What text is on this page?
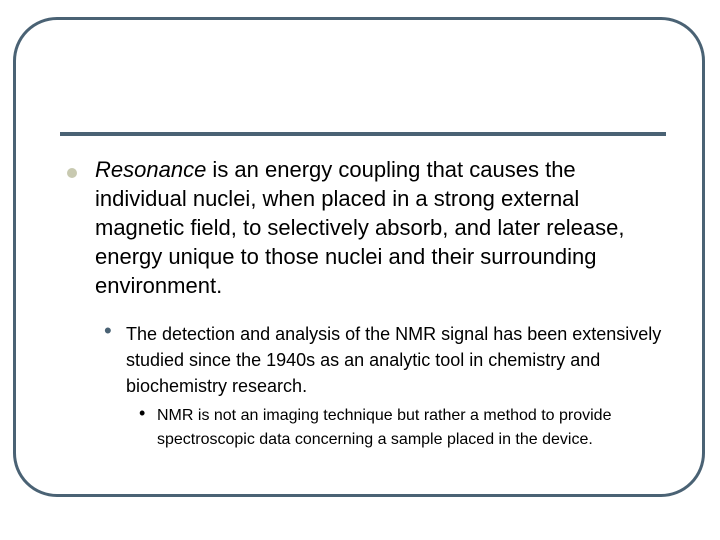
Resonance is an energy coupling that causes the individual nuclei, when placed in a strong external magnetic field, to selectively absorb, and later release, energy unique to those nuclei and their surrounding environment.

• The detection and analysis of the NMR signal has been extensively studied since the 1940s as an analytic tool in chemistry and biochemistry research.

• NMR is not an imaging technique but rather a method to provide spectroscopic data concerning a sample placed in the device.
